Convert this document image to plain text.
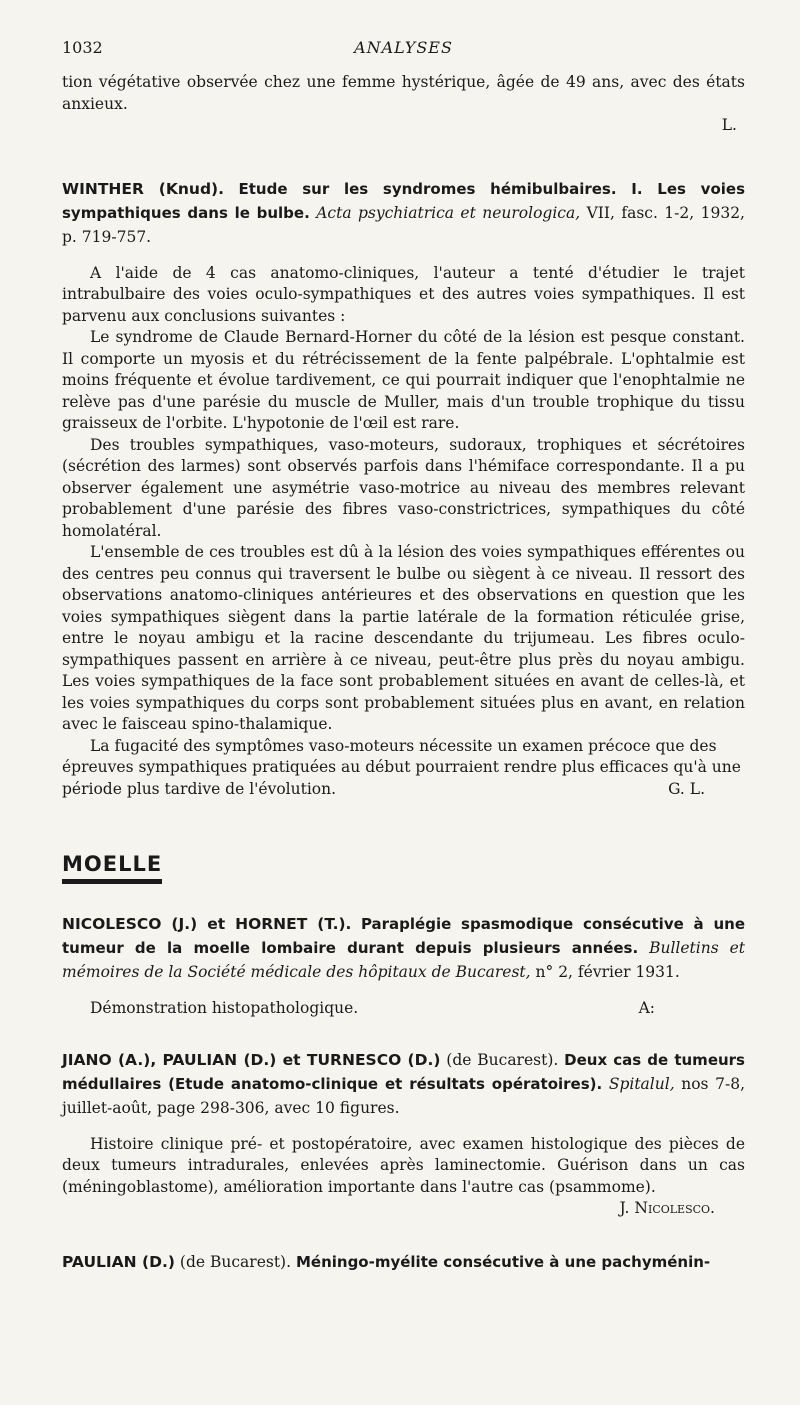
1032	ANALYSES

tion végétative observée chez une femme hystérique, âgée de 49 ans, avec des états anxieux.

L.
WINTHER (Knud). Etude sur les syndromes hémibulbaires. I. Les voies sympathiques dans le bulbe. Acta psychiatrica et neurologica, VII, fasc. 1-2, 1932, p. 719-757.

A l'aide de 4 cas anatomo-cliniques, l'auteur a tenté d'étudier le trajet intrabulbaire des voies oculo-sympathiques et des autres voies sympathiques. Il est parvenu aux conclusions suivantes :

Le syndrome de Claude Bernard-Horner du côté de la lésion est pesque constant. Il comporte un myosis et du rétrécissement de la fente palpébrale. L'ophtalmie est moins fréquente et évolue tardivement, ce qui pourrait indiquer que l'enophtalmie ne relève pas d'une parésie du muscle de Muller, mais d'un trouble trophique du tissu graisseux de l'orbite. L'hypotonie de l'œil est rare.

Des troubles sympathiques, vaso-moteurs, sudoraux, trophiques et sécrétoires (sécrétion des larmes) sont observés parfois dans l'hémiface correspondante. Il a pu observer également une asymétrie vaso-motrice au niveau des membres relevant probablement d'une parésie des fibres vaso-constrictrices, sympathiques du côté homolatéral.

L'ensemble de ces troubles est dû à la lésion des voies sympathiques efférentes ou des centres peu connus qui traversent le bulbe ou siègent à ce niveau. Il ressort des observations anatomo-cliniques antérieures et des observations en question que les voies sympathiques siègent dans la partie latérale de la formation réticulée grise, entre le noyau ambigu et la racine descendante du trijumeau. Les fibres oculo-sympathiques passent en arrière à ce niveau, peut-être plus près du noyau ambigu. Les voies sympathiques de la face sont probablement situées en avant de celles-là, et les voies sympathiques du corps sont probablement situées plus en avant, en relation avec le faisceau spino-thalamique.

La fugacité des symptômes vaso-moteurs nécessite un examen précoce que des épreuves sympathiques pratiquées au début pourraient rendre plus efficaces qu'à une période plus tardive de l'évolution.	G. L.

MOELLE
NICOLESCO (J.) et HORNET (T.). Paraplégie spasmodique consécutive à une tumeur de la moelle lombaire durant depuis plusieurs années. Bulletins et mémoires de la Société médicale des hôpitaux de Bucarest, n° 2, février 1931.
Démonstration histopathologique.	A:
JIANO (A.), PAULIAN (D.) et TURNESCO (D.) (de Bucarest). Deux cas de tumeurs médullaires (Etude anatomo-clinique et résultats opératoires). Spitalul, nos 7-8, juillet-août, page 298-306, avec 10 figures.

Histoire clinique pré- et postopératoire, avec examen histologique des pièces de deux tumeurs intradurales, enlevées après laminectomie. Guérison dans un cas (méningoblastome), amélioration importante dans l'autre cas (psammome).

J. Nicolesco.
PAULIAN (D.) (de Bucarest). Méningo-myélite consécutive à une pachyménin-
